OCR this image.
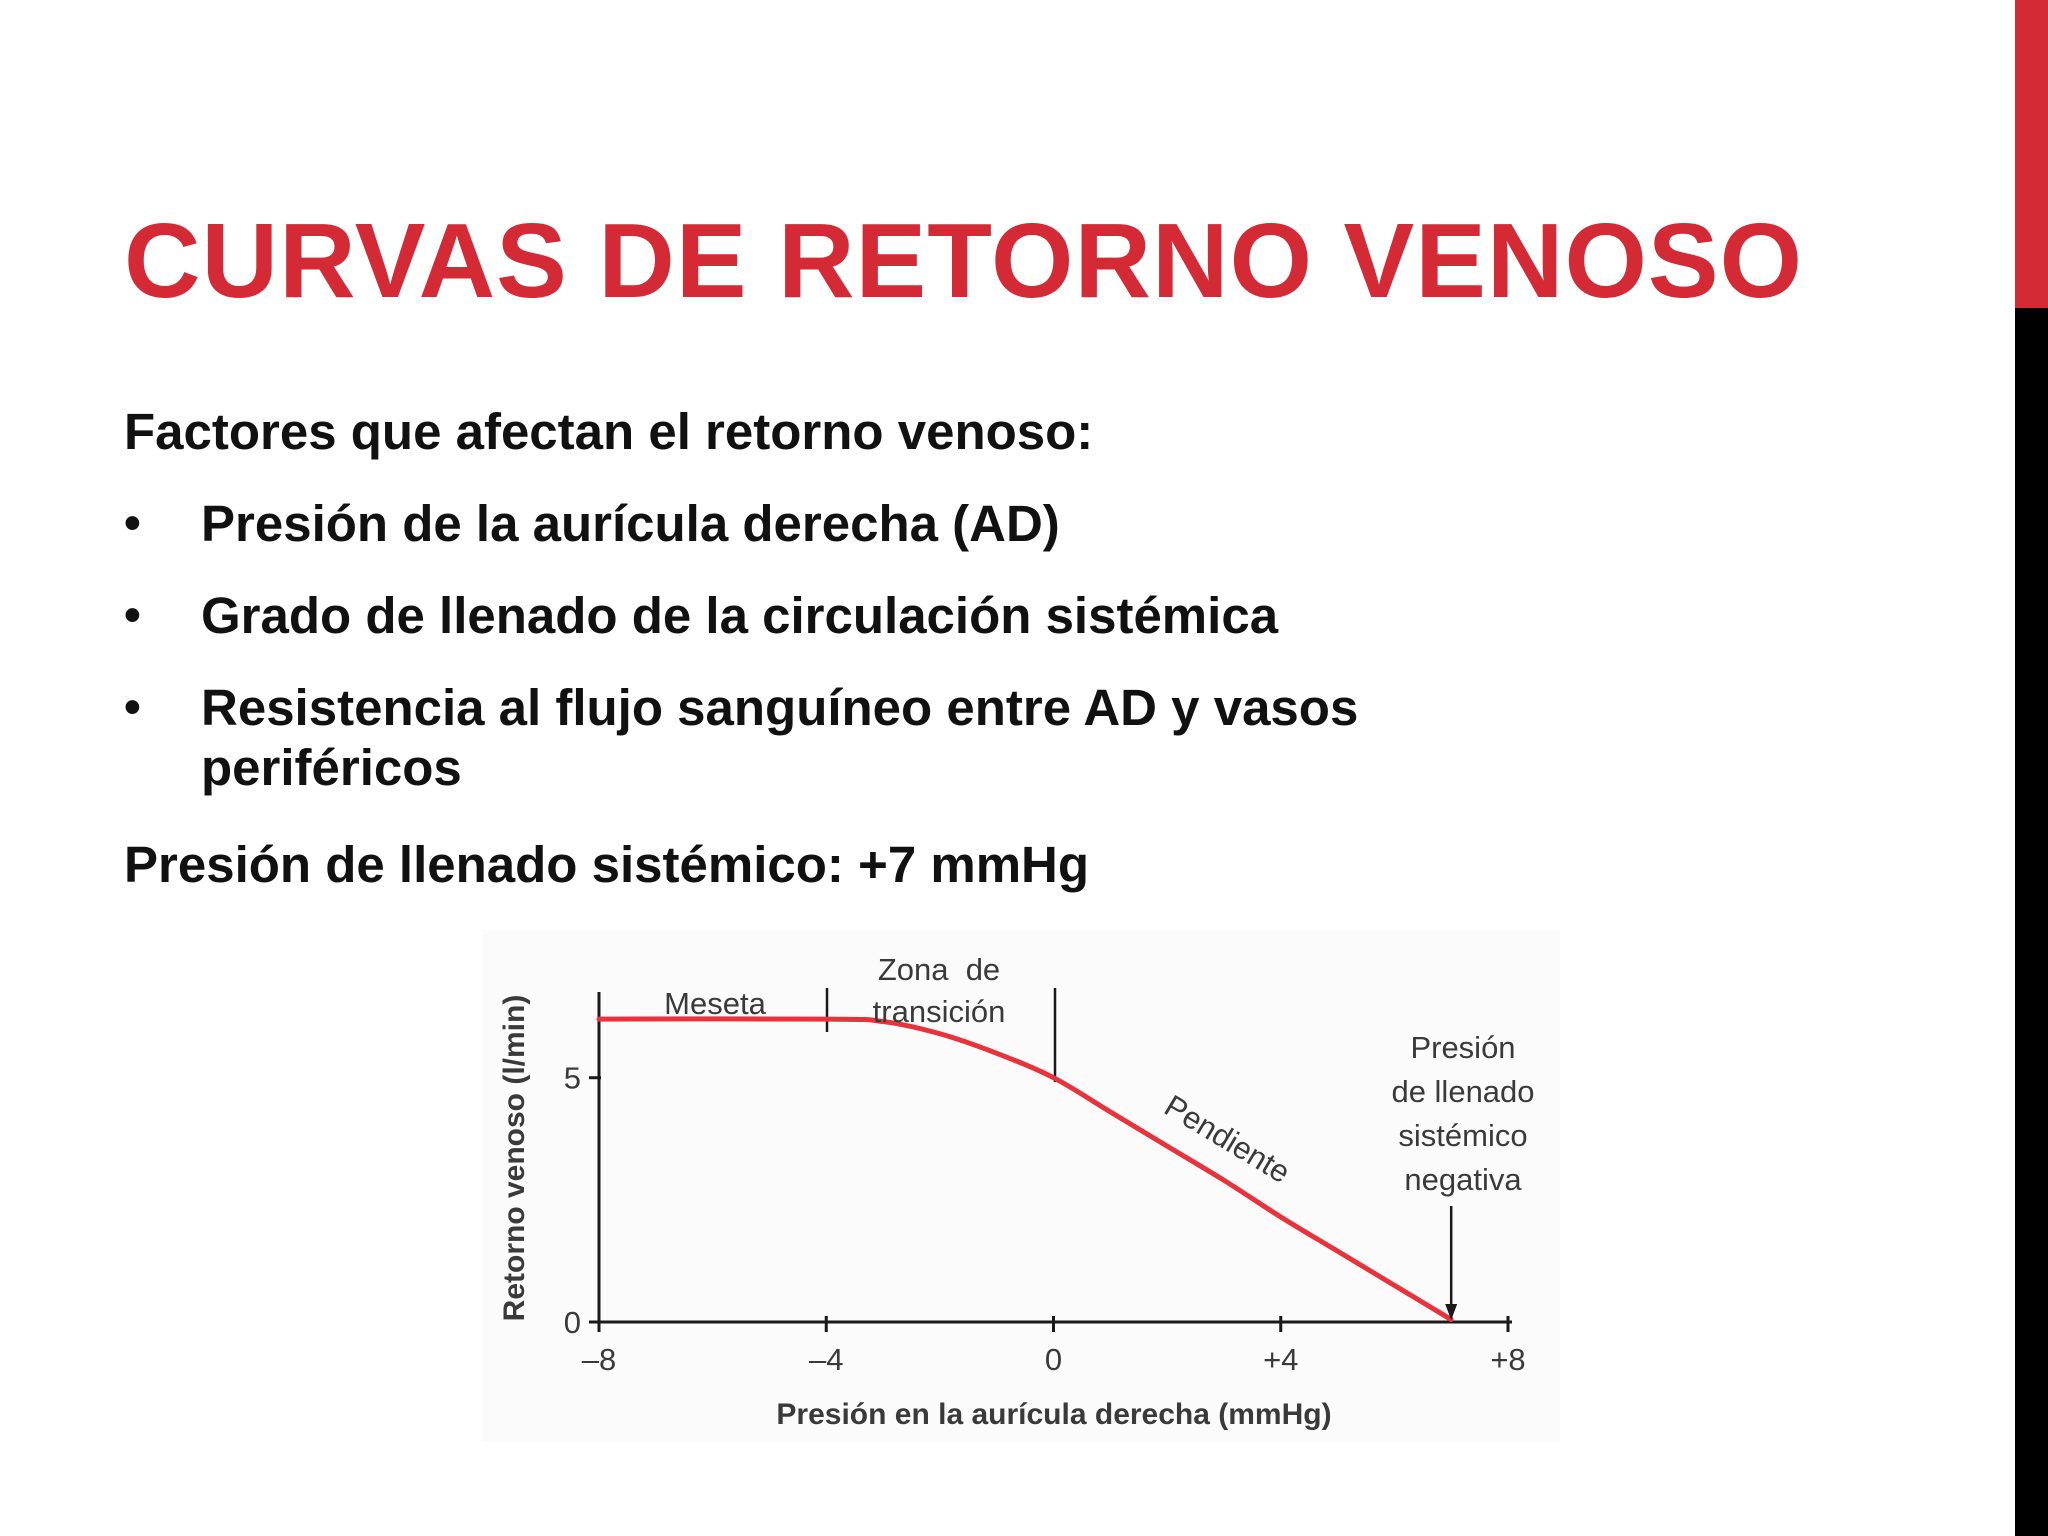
CURVAS DE RETORNO VENOSO

Factores que afectan el retorno venoso:

• Presión de la aurícula derecha (AD)

• Grado de llenado de la circulación sistémica

• Resistencia al flujo sanguíneo entre AD y vasos periféricos

Presión de llenado sistémico: +7 mmHg

–8	–4	0	+4	+8
0
5
Meseta
Zona  de
transición
Pendiente
Presión
de llenado
sistémico
negativa
Presión en la aurícula derecha (mmHg)
Retorno venoso (l/min)
